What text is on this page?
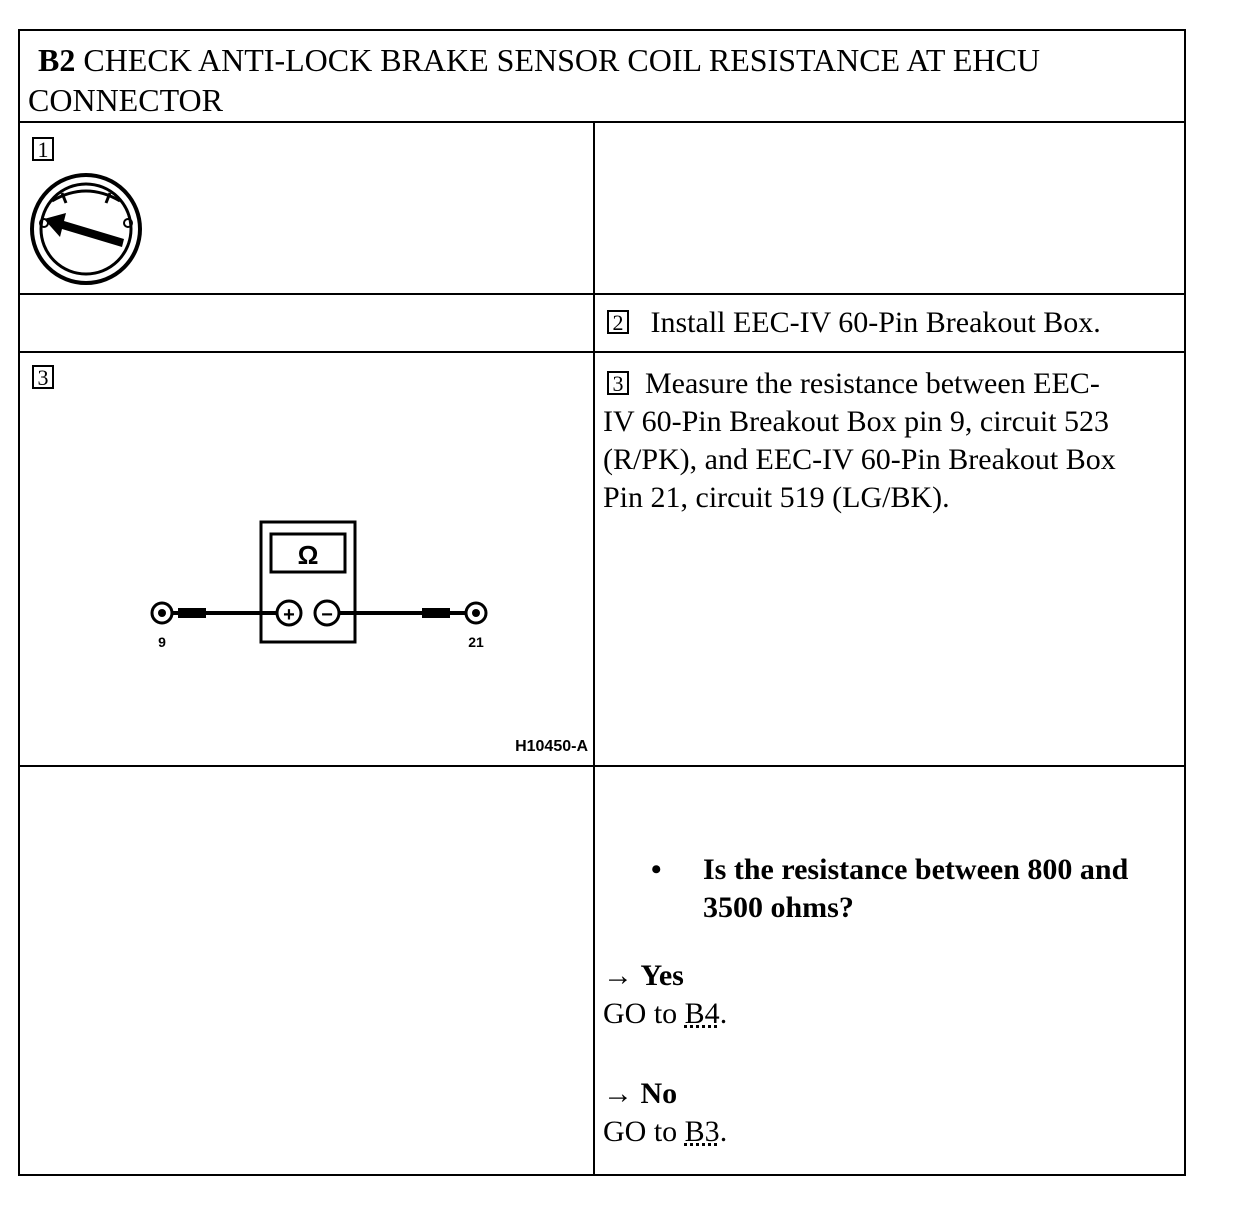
B2 CHECK ANTI-LOCK BRAKE SENSOR COIL RESISTANCE AT EHCU
CONNECTOR
1
2 Install EEC-IV 60-Pin Breakout Box.
3
Ω
+ −
9	21
H10450-A
3 Measure the resistance between EEC-
IV 60-Pin Breakout Box pin 9, circuit 523
(R/PK), and EEC-IV 60-Pin Breakout Box
Pin 21, circuit 519 (LG/BK).
• Is the resistance between 800 and
3500 ohms?
→ Yes
GO to B4.
→ No
GO to B3.
